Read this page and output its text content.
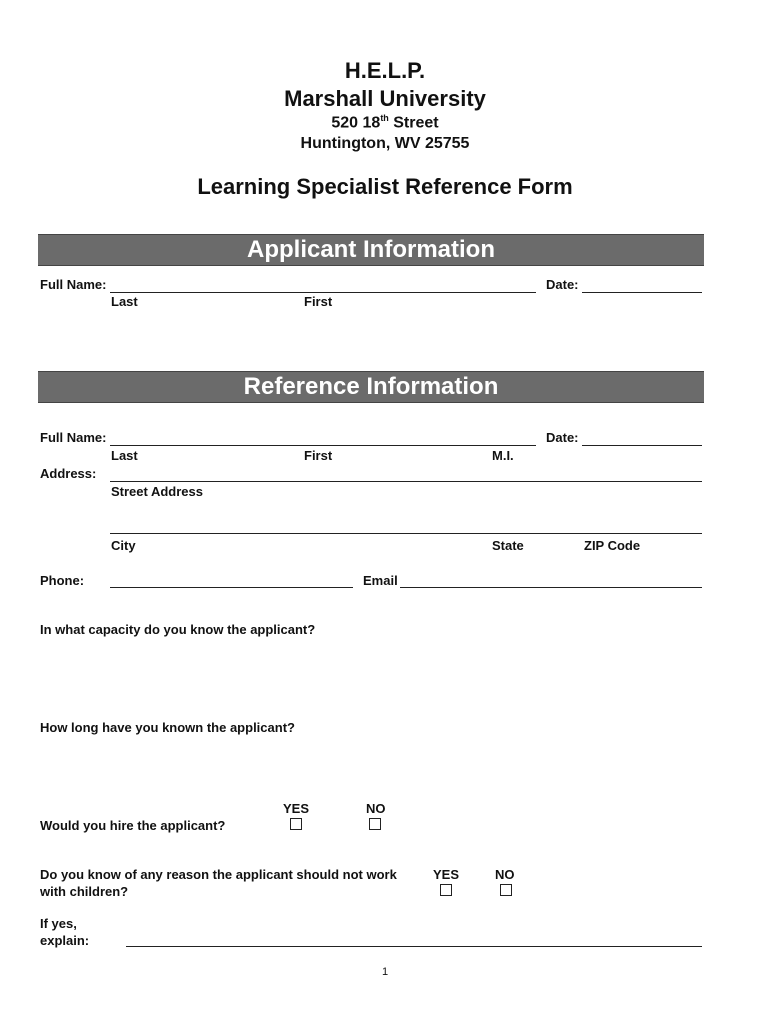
H.E.L.P.
Marshall University
520 18th Street
Huntington, WV 25755
Learning Specialist Reference Form
Applicant Information
Full Name:	Date:
Last	First
Reference Information
Full Name:	Date:
Last	First	M.I.
Address:
Street Address
City	State	ZIP Code
Phone:	Email
In what capacity do you know the applicant?
How long have you known the applicant?
YES	NO
Would you hire the applicant?
Do you know of any reason the applicant should not work
with children?
YES	NO
If yes,
explain:
1
